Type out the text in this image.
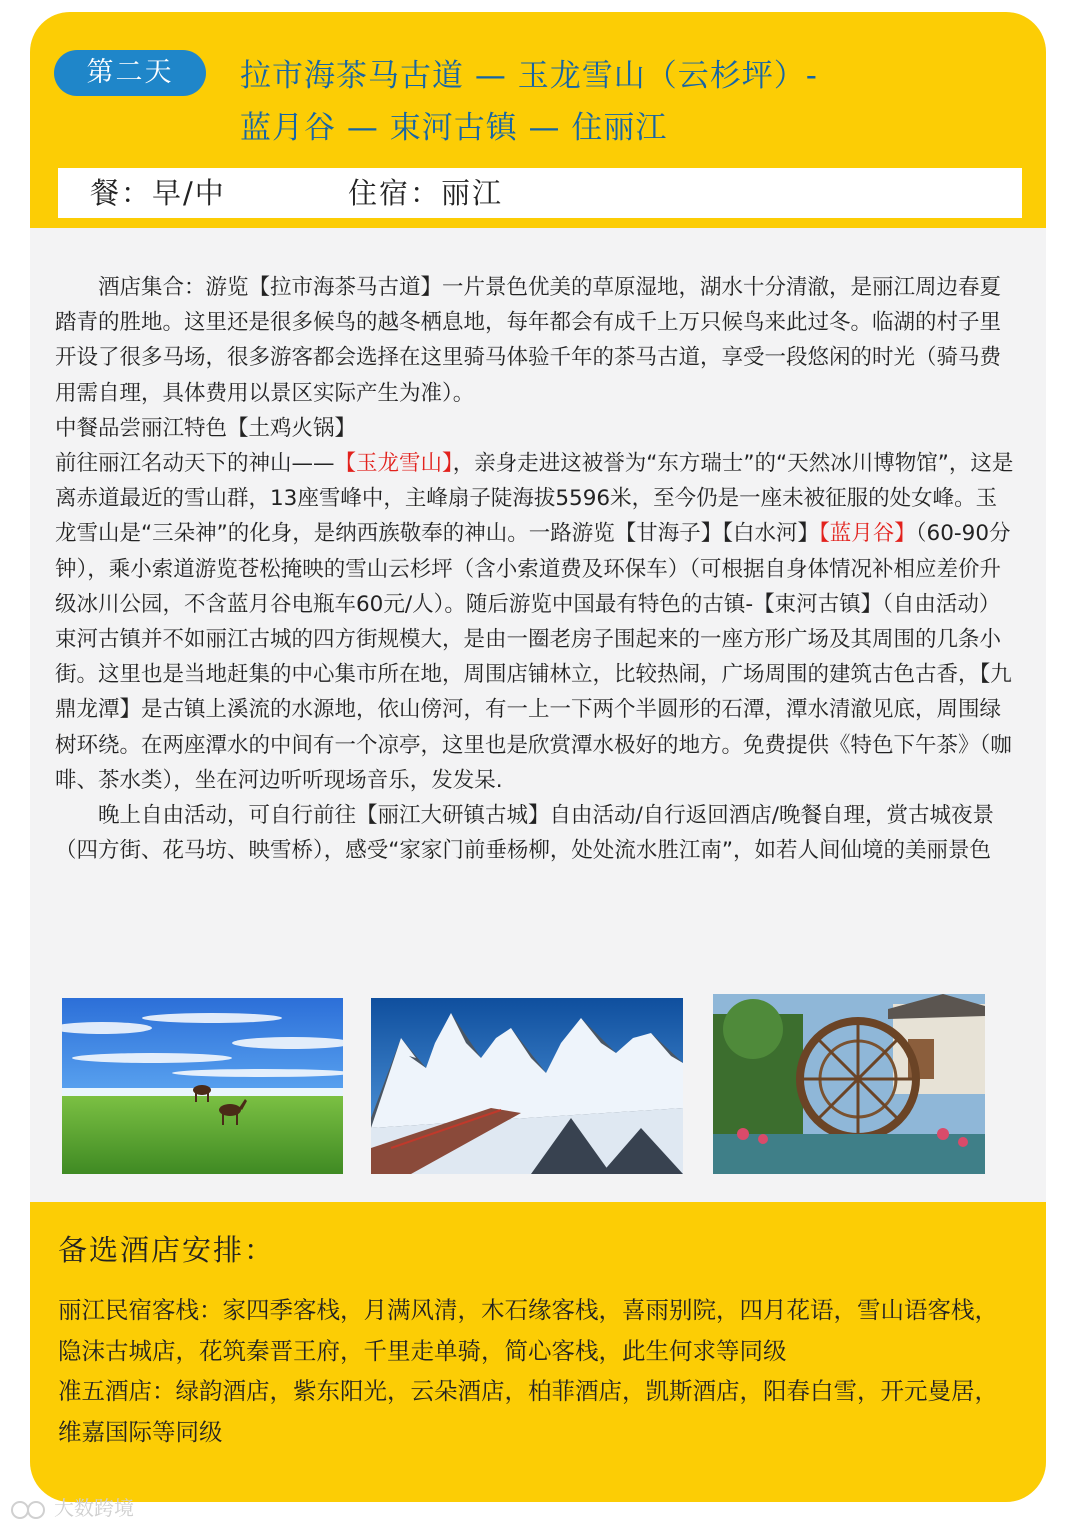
第二天	拉市海茶马古道 — 玉龙雪山（云杉坪）-
蓝月谷 — 束河古镇 — 住丽江
餐：早/中	住宿：丽江

酒店集合：游览【拉市海茶马古道】一片景色优美的草原湿地，湖水十分清澈，是丽江周边春夏踏青的胜地。这里还是很多候鸟的越冬栖息地，每年都会有成千上万只候鸟来此过冬。临湖的村子里开设了很多马场，很多游客都会选择在这里骑马体验千年的茶马古道，享受一段悠闲的时光（骑马费用需自理，具体费用以景区实际产生为准）。

中餐品尝丽江特色【土鸡火锅】

前往丽江名动天下的神山——【玉龙雪山】，亲身走进这被誉为“东方瑞士”的“天然冰川博物馆”，这是离赤道最近的雪山群，13座雪峰中，主峰扇子陡海拔5596米，至今仍是一座未被征服的处女峰。玉龙雪山是“三朵神”的化身，是纳西族敬奉的神山。一路游览【甘海子】【白水河】【蓝月谷】（60-90分钟），乘小索道游览苍松掩映的雪山云杉坪（含小索道费及环保车）（可根据自身体情况补相应差价升级冰川公园，不含蓝月谷电瓶车60元/人）。随后游览中国最有特色的古镇-【束河古镇】（自由活动）束河古镇并不如丽江古城的四方街规模大，是由一圈老房子围起来的一座方形广场及其周围的几条小街。这里也是当地赶集的中心集市所在地，周围店铺林立，比较热闹，广场周围的建筑古色古香，【九鼎龙潭】是古镇上溪流的水源地，依山傍河，有一上一下两个半圆形的石潭，潭水清澈见底，周围绿树环绕。在两座潭水的中间有一个凉亭，这里也是欣赏潭水极好的地方。免费提供《特色下午茶》（咖啡、茶水类），坐在河边听听现场音乐，发发呆.

晚上自由活动，可自行前往【丽江大研镇古城】自由活动/自行返回酒店/晚餐自理，赏古城夜景（四方街、花马坊、映雪桥），感受“家家门前垂杨柳，处处流水胜江南”，如若人间仙境的美丽景色

备选酒店安排：

丽江民宿客栈：家四季客栈，月满风清，木石缘客栈，喜雨别院，四月花语，雪山语客栈，隐沫古城店，花筑秦晋王府，千里走单骑，简心客栈，此生何求等同级

准五酒店：绿韵酒店，紫东阳光，云朵酒店，柏菲酒店，凯斯酒店，阳春白雪，开元曼居，维嘉国际等同级

大数跨境
